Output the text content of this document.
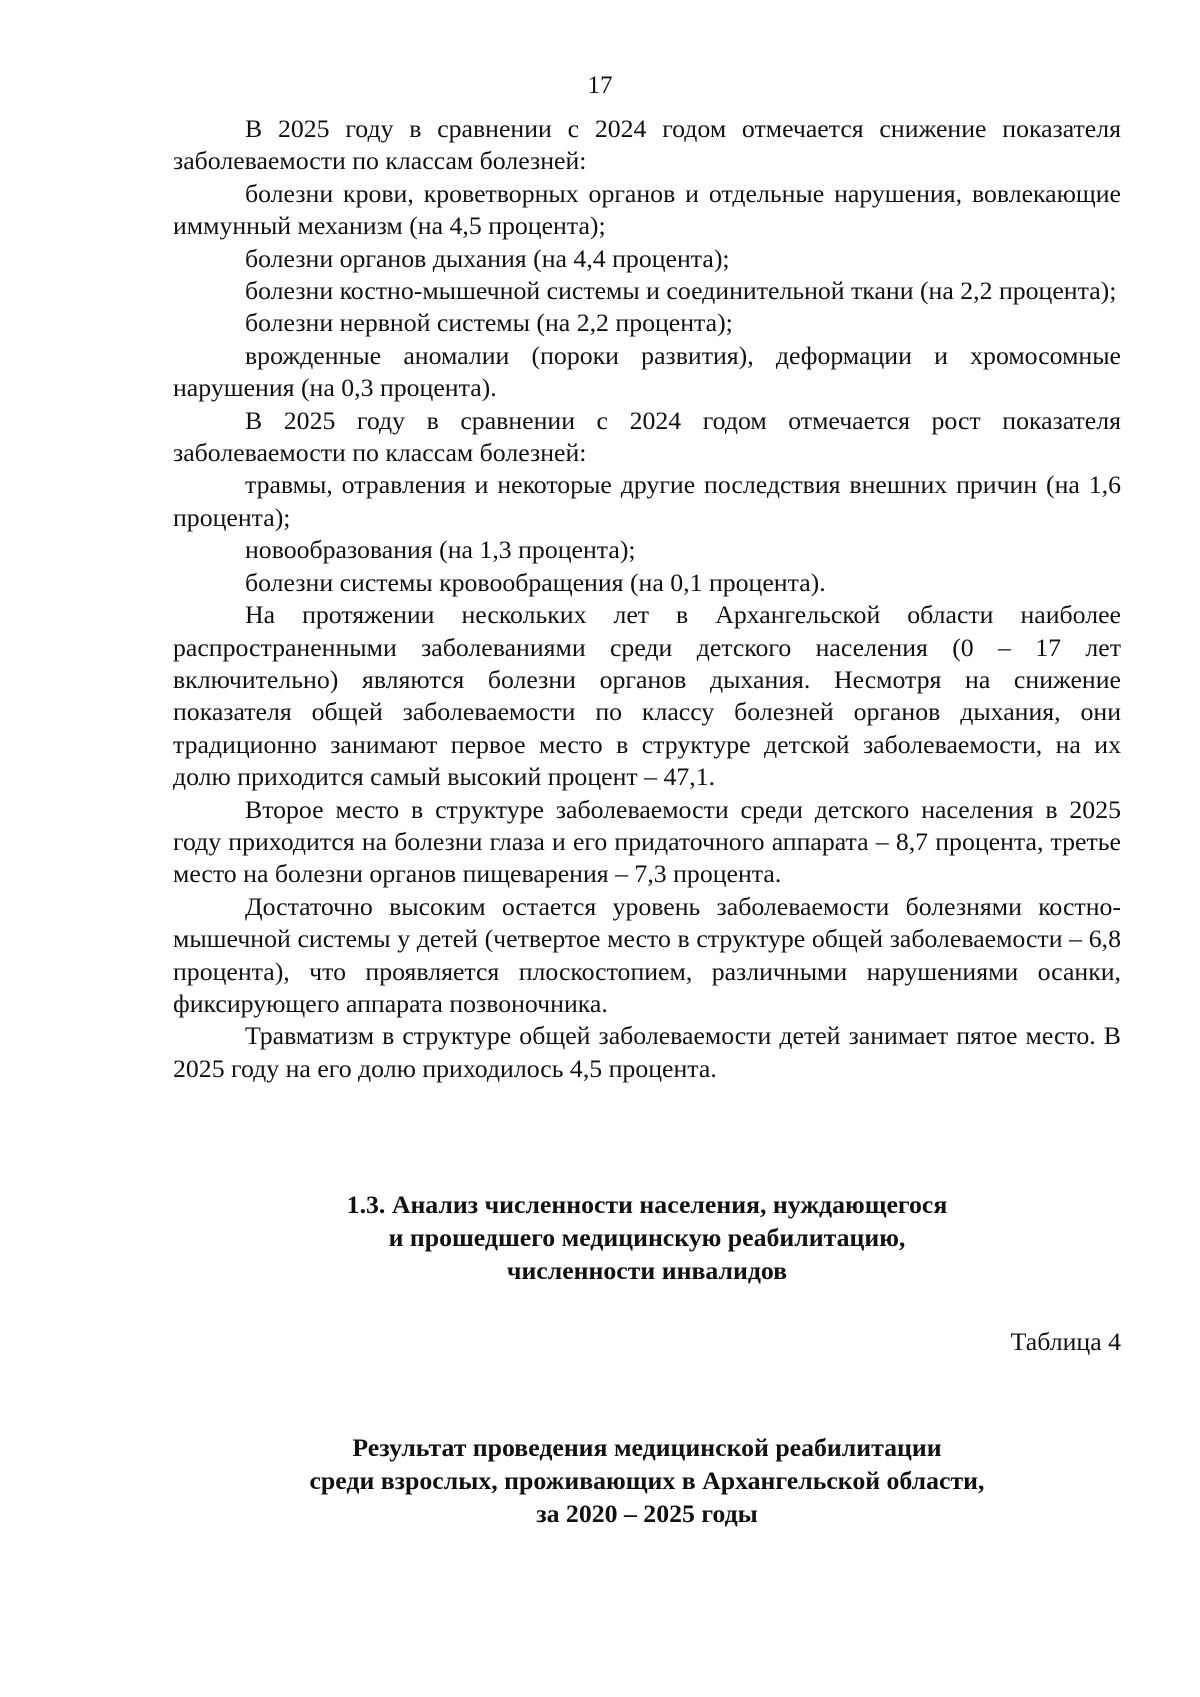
17

В 2025 году в сравнении с 2024 годом отмечается снижение показателя заболеваемости по классам болезней:

болезни крови, кроветворных органов и отдельные нарушения, вовлекающие иммунный механизм (на 4,5 процента);

болезни органов дыхания (на 4,4 процента);

болезни костно-мышечной системы и соединительной ткани (на 2,2 процента);

болезни нервной системы (на 2,2 процента);

врожденные аномалии (пороки развития), деформации и хромосомные нарушения (на 0,3 процента).

В 2025 году в сравнении с 2024 годом отмечается рост показателя заболеваемости по классам болезней:

травмы, отравления и некоторые другие последствия внешних причин (на 1,6 процента);

новообразования (на 1,3 процента);

болезни системы кровообращения (на 0,1 процента).

На протяжении нескольких лет в Архангельской области наиболее распространенными заболеваниями среди детского населения (0 – 17 лет включительно) являются болезни органов дыхания. Несмотря на снижение показателя общей заболеваемости по классу болезней органов дыхания, они традиционно занимают первое место в структуре детской заболеваемости, на их долю приходится самый высокий процент – 47,1.

Второе место в структуре заболеваемости среди детского населения в 2025 году приходится на болезни глаза и его придаточного аппарата – 8,7 процента, третье место на болезни органов пищеварения – 7,3 процента.

Достаточно высоким остается уровень заболеваемости болезнями костно-мышечной системы у детей (четвертое место в структуре общей заболеваемости – 6,8 процента), что проявляется плоскостопием, различными нарушениями осанки, фиксирующего аппарата позвоночника.

Травматизм в структуре общей заболеваемости детей занимает пятое место. В 2025 году на его долю приходилось 4,5 процента.

1.3. Анализ численности населения, нуждающегося
и прошедшего медицинскую реабилитацию,
численности инвалидов
Таблица 4
Результат проведения медицинской реабилитации
среди взрослых, проживающих в Архангельской области,
за 2020 – 2025 годы
